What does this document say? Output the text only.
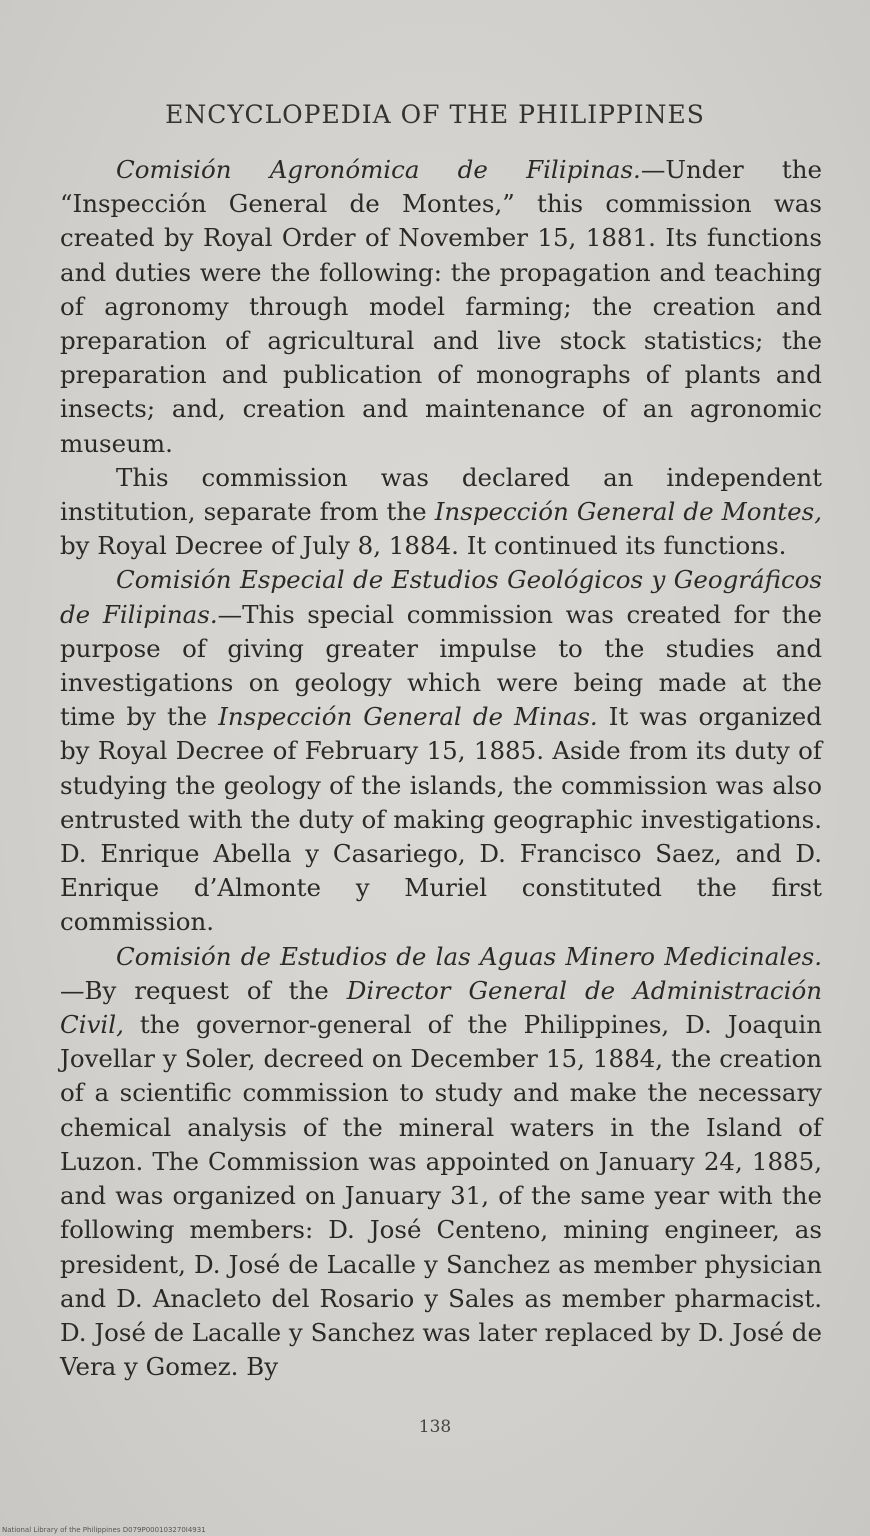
ENCYCLOPEDIA OF THE PHILIPPINES

Comisión Agronómica de Filipinas.—Under the “Inspección General de Montes,” this commission was created by Royal Order of November 15, 1881. Its functions and duties were the following: the propagation and teaching of agronomy through model farming; the creation and preparation of agricultural and live stock statistics; the preparation and publication of monographs of plants and insects; and, creation and maintenance of an agronomic museum.

This commission was declared an independent institution, separate from the Inspección General de Montes, by Royal Decree of July 8, 1884. It continued its functions.

Comisión Especial de Estudios Geológicos y Geográficos de Filipinas.—This special commission was created for the purpose of giving greater impulse to the studies and investigations on geology which were being made at the time by the Inspección General de Minas. It was organized by Royal Decree of February 15, 1885. Aside from its duty of studying the geology of the islands, the commission was also entrusted with the duty of making geographic investigations. D. Enrique Abella y Casariego, D. Francisco Saez, and D. Enrique d’Almonte y Muriel constituted the first commission.

Comisión de Estudios de las Aguas Minero Medicinales.—By request of the Director General de Administración Civil, the governor-general of the Philippines, D. Joaquin Jovellar y Soler, decreed on December 15, 1884, the creation of a scientific commission to study and make the necessary chemical analysis of the mineral waters in the Island of Luzon. The Commission was appointed on January 24, 1885, and was organized on January 31, of the same year with the following members: D. José Centeno, mining engineer, as president, D. José de Lacalle y Sanchez as member physician and D. Anacleto del Rosario y Sales as member pharmacist. D. José de Lacalle y Sanchez was later replaced by D. José de Vera y Gomez. By

138
National Library of the Philippines D079P000103270I4931
